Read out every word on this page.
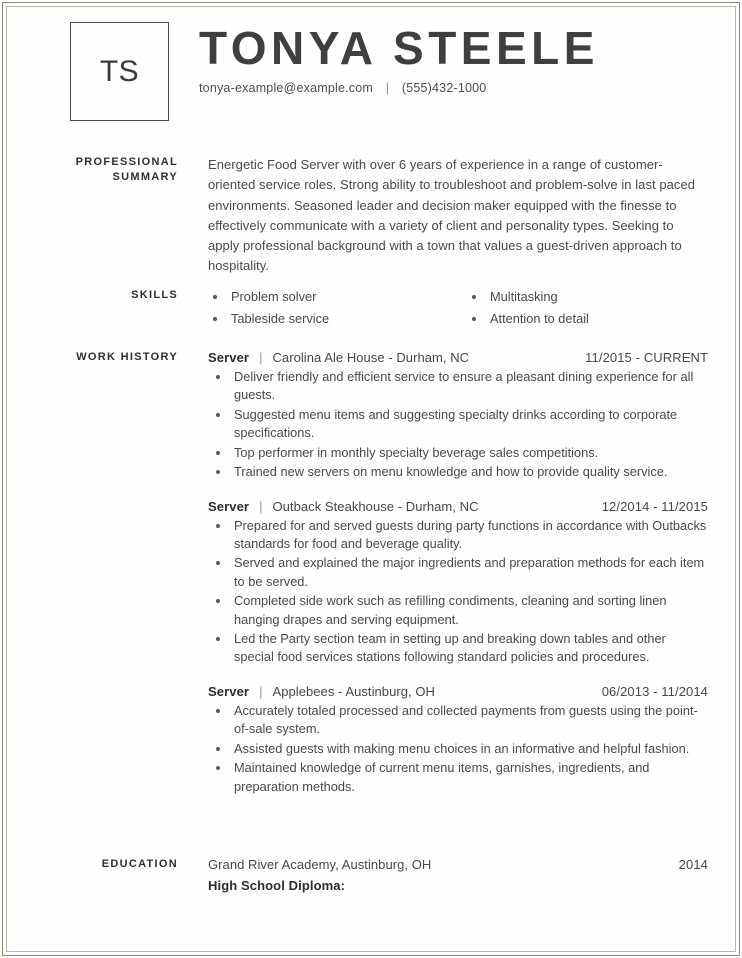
TS TONYA STEELE
tonya-example@example.com | (555)432-1000
PROFESSIONAL
SUMMARY
Energetic Food Server with over 6 years of experience in a range of customer-oriented service roles. Strong ability to troubleshoot and problem-solve in last paced environments. Seasoned leader and decision maker equipped with the finesse to effectively communicate with a variety of client and personality types. Seeking to apply professional background with a town that values a guest-driven approach to hospitality.
SKILLS	Problem solver
Tableside service
Multitasking
Attention to detail
WORK HISTORY Server | Carolina Ale House - Durham, NC	11/2015 - CURRENT
Deliver friendly and efficient service to ensure a pleasant dining experience for all guests.
Suggested menu items and suggesting specialty drinks according to corporate specifications.
Top performer in monthly specialty beverage sales competitions.
Trained new servers on menu knowledge and how to provide quality service.
Server | Outback Steakhouse - Durham, NC	12/2014 - 11/2015
Prepared for and served guests during party functions in accordance with Outbacks standards for food and beverage quality.
Served and explained the major ingredients and preparation methods for each item to be served.
Completed side work such as refilling condiments, cleaning and sorting linen hanging drapes and serving equipment.
Led the Party section team in setting up and breaking down tables and other special food services stations following standard policies and procedures.
Server | Applebees - Austinburg, OH	06/2013 - 11/2014
Accurately totaled processed and collected payments from guests using the point-of-sale system.
Assisted guests with making menu choices in an informative and helpful fashion.
Maintained knowledge of current menu items, garnishes, ingredients, and preparation methods.
EDUCATION Grand River Academy, Austinburg, OH	2014
High School Diploma:
